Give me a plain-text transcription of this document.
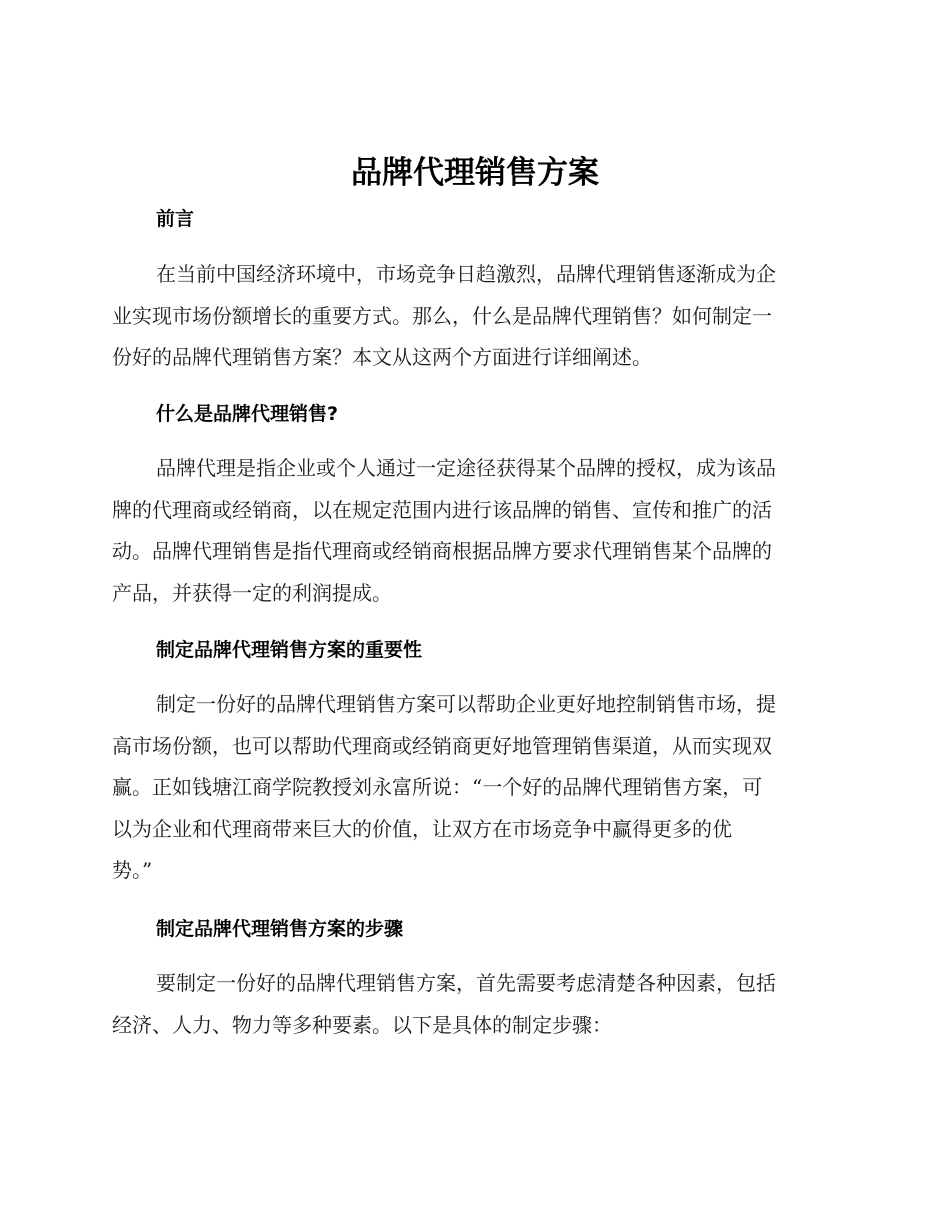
品牌代理销售方案
前言
在当前中国经济环境中，市场竞争日趋激烈，品牌代理销售逐渐成为企
业实现市场份额增长的重要方式。那么，什么是品牌代理销售？如何制定一
份好的品牌代理销售方案？本文从这两个方面进行详细阐述。
什么是品牌代理销售?
品牌代理是指企业或个人通过一定途径获得某个品牌的授权，成为该品
牌的代理商或经销商，以在规定范围内进行该品牌的销售、宣传和推广的活
动。品牌代理销售是指代理商或经销商根据品牌方要求代理销售某个品牌的
产品，并获得一定的利润提成。
制定品牌代理销售方案的重要性
制定一份好的品牌代理销售方案可以帮助企业更好地控制销售市场，提
高市场份额，也可以帮助代理商或经销商更好地管理销售渠道，从而实现双
赢。正如钱塘江商学院教授刘永富所说：“一个好的品牌代理销售方案，可
以为企业和代理商带来巨大的价值，让双方在市场竞争中赢得更多的优
势。”
制定品牌代理销售方案的步骤
要制定一份好的品牌代理销售方案，首先需要考虑清楚各种因素，包括
经济、人力、物力等多种要素。以下是具体的制定步骤：
